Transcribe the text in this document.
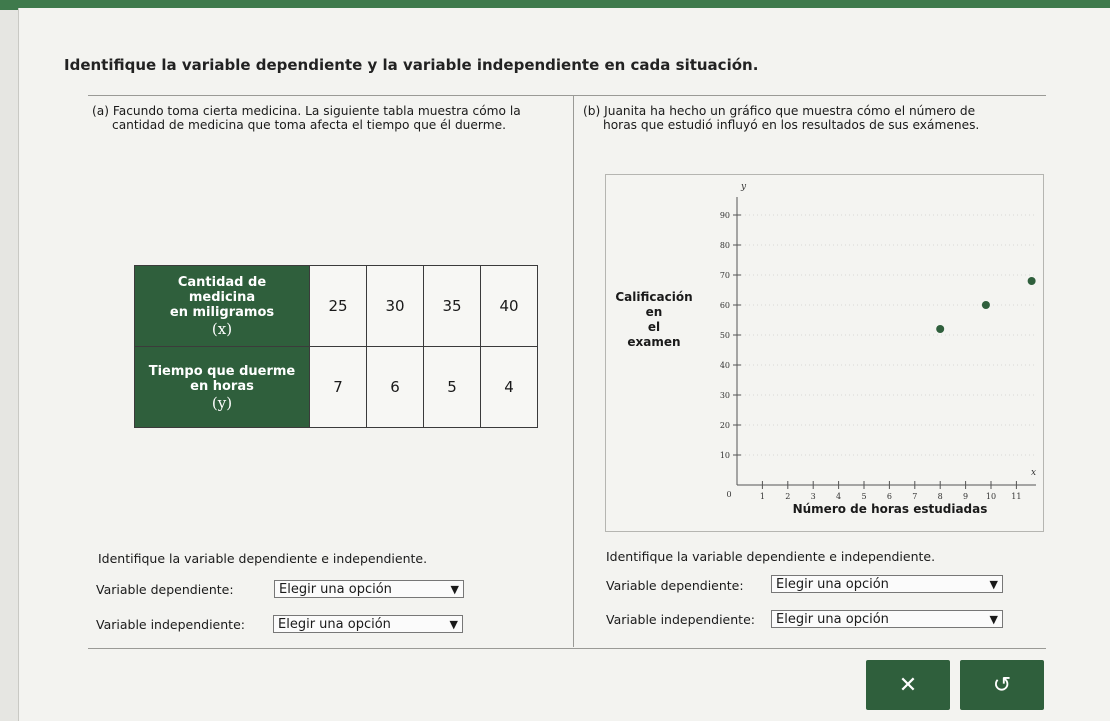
Identifique la variable dependiente y la variable independiente en cada situación.
(a) Facundo toma cierta medicina. La siguiente tabla muestra cómo la
cantidad de medicina que toma afecta el tiempo que él duerme.
(b) Juanita ha hecho un gráfico que muestra cómo el número de
horas que estudió influyó en los resultados de sus exámenes.
Cantidad de
medicina
en miligramos
(x)	25	30	35	40
Tiempo que duerme
en horas
(y)	7	6	5	4
10
20
30
40
50
60
70
80
90
1	2	3	4	5	6	7	8	9 10 11
0
y
x
Calificación
en
el
examen
Número de horas estudiadas
Identifique la variable dependiente e independiente.	Identifique la variable dependiente e independiente.
Variable dependiente:	Elegir una opción	▼
Variable independiente:	Elegir una opción	▼
Variable dependiente:	Elegir una opción	▼
Variable independiente:	Elegir una opción	▼
✕	↺
